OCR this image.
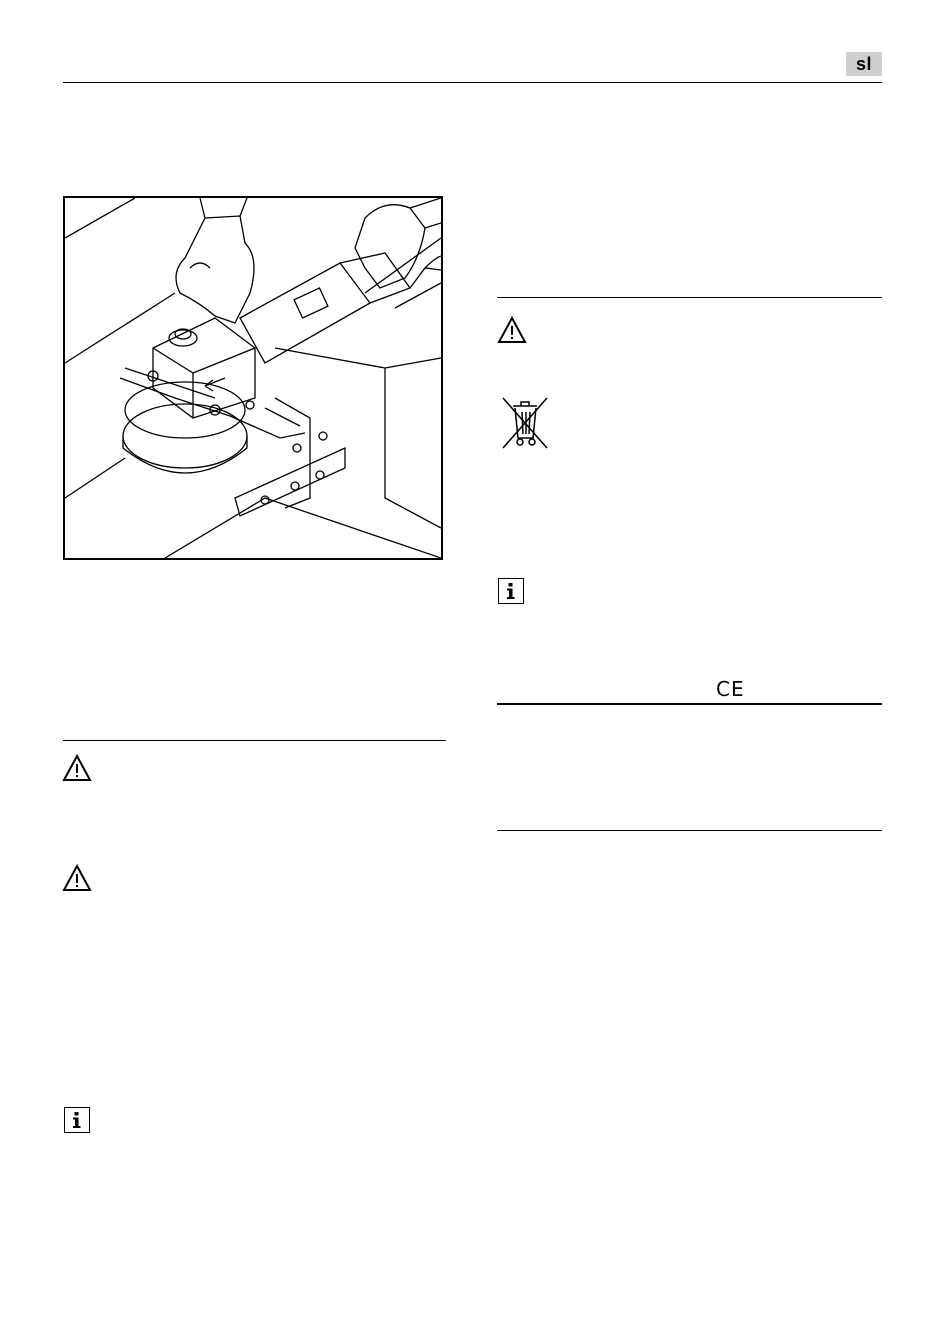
sl
CE
